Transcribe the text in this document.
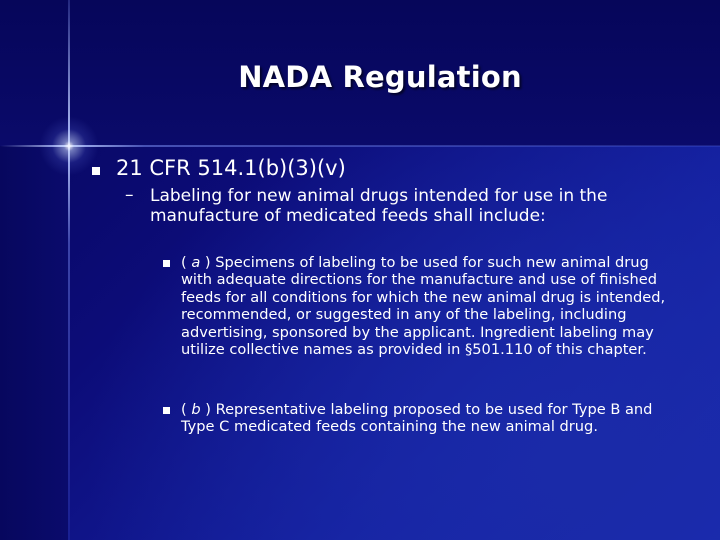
NADA Regulation
21 CFR 514.1(b)(3)(v)
– Labeling for new animal drugs intended for use in the manufacture of medicated feeds shall include:
( a ) Specimens of labeling to be used for such new animal drug with adequate directions for the manufacture and use of finished feeds for all conditions for which the new animal drug is intended, recommended, or suggested in any of the labeling, including advertising, sponsored by the applicant. Ingredient labeling may utilize collective names as provided in §501.110 of this chapter.
( b ) Representative labeling proposed to be used for Type B and Type C medicated feeds containing the new animal drug.
